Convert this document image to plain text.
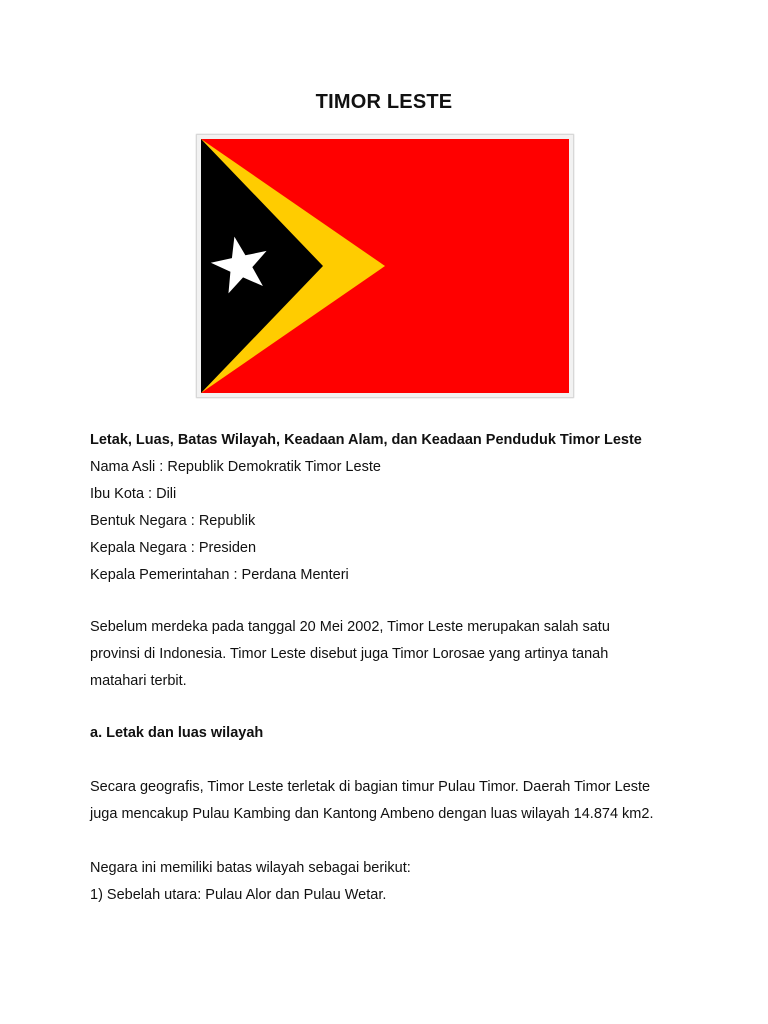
TIMOR LESTE
Letak, Luas, Batas Wilayah, Keadaan Alam, dan Keadaan Penduduk Timor Leste
Nama Asli : Republik Demokratik Timor Leste
Ibu Kota : Dili
Bentuk Negara : Republik
Kepala Negara : Presiden
Kepala Pemerintahan : Perdana Menteri
Sebelum merdeka pada tanggal 20 Mei 2002, Timor Leste merupakan salah satu
provinsi di Indonesia. Timor Leste disebut juga Timor Lorosae yang artinya tanah
matahari terbit.
a. Letak dan luas wilayah
Secara geografis, Timor Leste terletak di bagian timur Pulau Timor. Daerah Timor Leste
juga mencakup Pulau Kambing dan Kantong Ambeno dengan luas wilayah 14.874 km2.
Negara ini memiliki batas wilayah sebagai berikut:
1) Sebelah utara: Pulau Alor dan Pulau Wetar.
